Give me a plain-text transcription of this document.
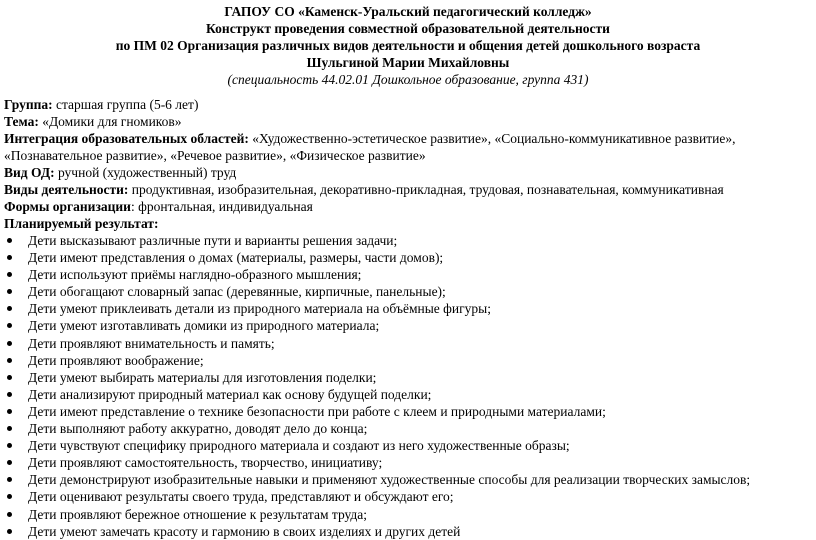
ГАПОУ СО «Каменск-Уральский педагогический колледж»

Конструкт проведения совместной образовательной деятельности

по ПМ 02 Организация различных видов деятельности и общения детей дошкольного возраста

Шульгиной Марии Михайловны

(специальность 44.02.01 Дошкольное образование, группа 431)

Группа: старшая группа (5-6 лет)
Тема: «Домики для гномиков»
Интеграция образовательных областей: «Художественно-эстетическое развитие», «Социально-коммуникативное развитие»,
«Познавательное развитие», «Речевое развитие», «Физическое развитие»
Вид ОД: ручной (художественный) труд
Виды деятельности: продуктивная, изобразительная, декоративно-прикладная, трудовая, познавательная, коммуникативная
Формы организации: фронтальная, индивидуальная
Планируемый результат:
Дети высказывают различные пути и варианты решения задачи;
Дети имеют представления о домах (материалы, размеры, части домов);
Дети используют приёмы наглядно-образного мышления;
Дети обогащают словарный запас (деревянные, кирпичные, панельные);
Дети умеют приклеивать детали из природного материала на объёмные фигуры;
Дети умеют изготавливать домики из природного материала;
Дети проявляют внимательность и память;
Дети проявляют воображение;
Дети умеют выбирать материалы для изготовления поделки;
Дети анализируют природный материал как основу будущей поделки;
Дети имеют представление о технике безопасности при работе с клеем и природными материалами;
Дети выполняют работу аккуратно, доводят дело до конца;
Дети чувствуют специфику природного материала и создают из него художественные образы;
Дети проявляют самостоятельность, творчество, инициативу;
Дети демонстрируют изобразительные навыки и применяют художественные способы для реализации творческих замыслов;
Дети оценивают результаты своего труда, представляют и обсуждают его;
Дети проявляют бережное отношение к результатам труда;
Дети умеют замечать красоту и гармонию в своих изделиях и других детей
